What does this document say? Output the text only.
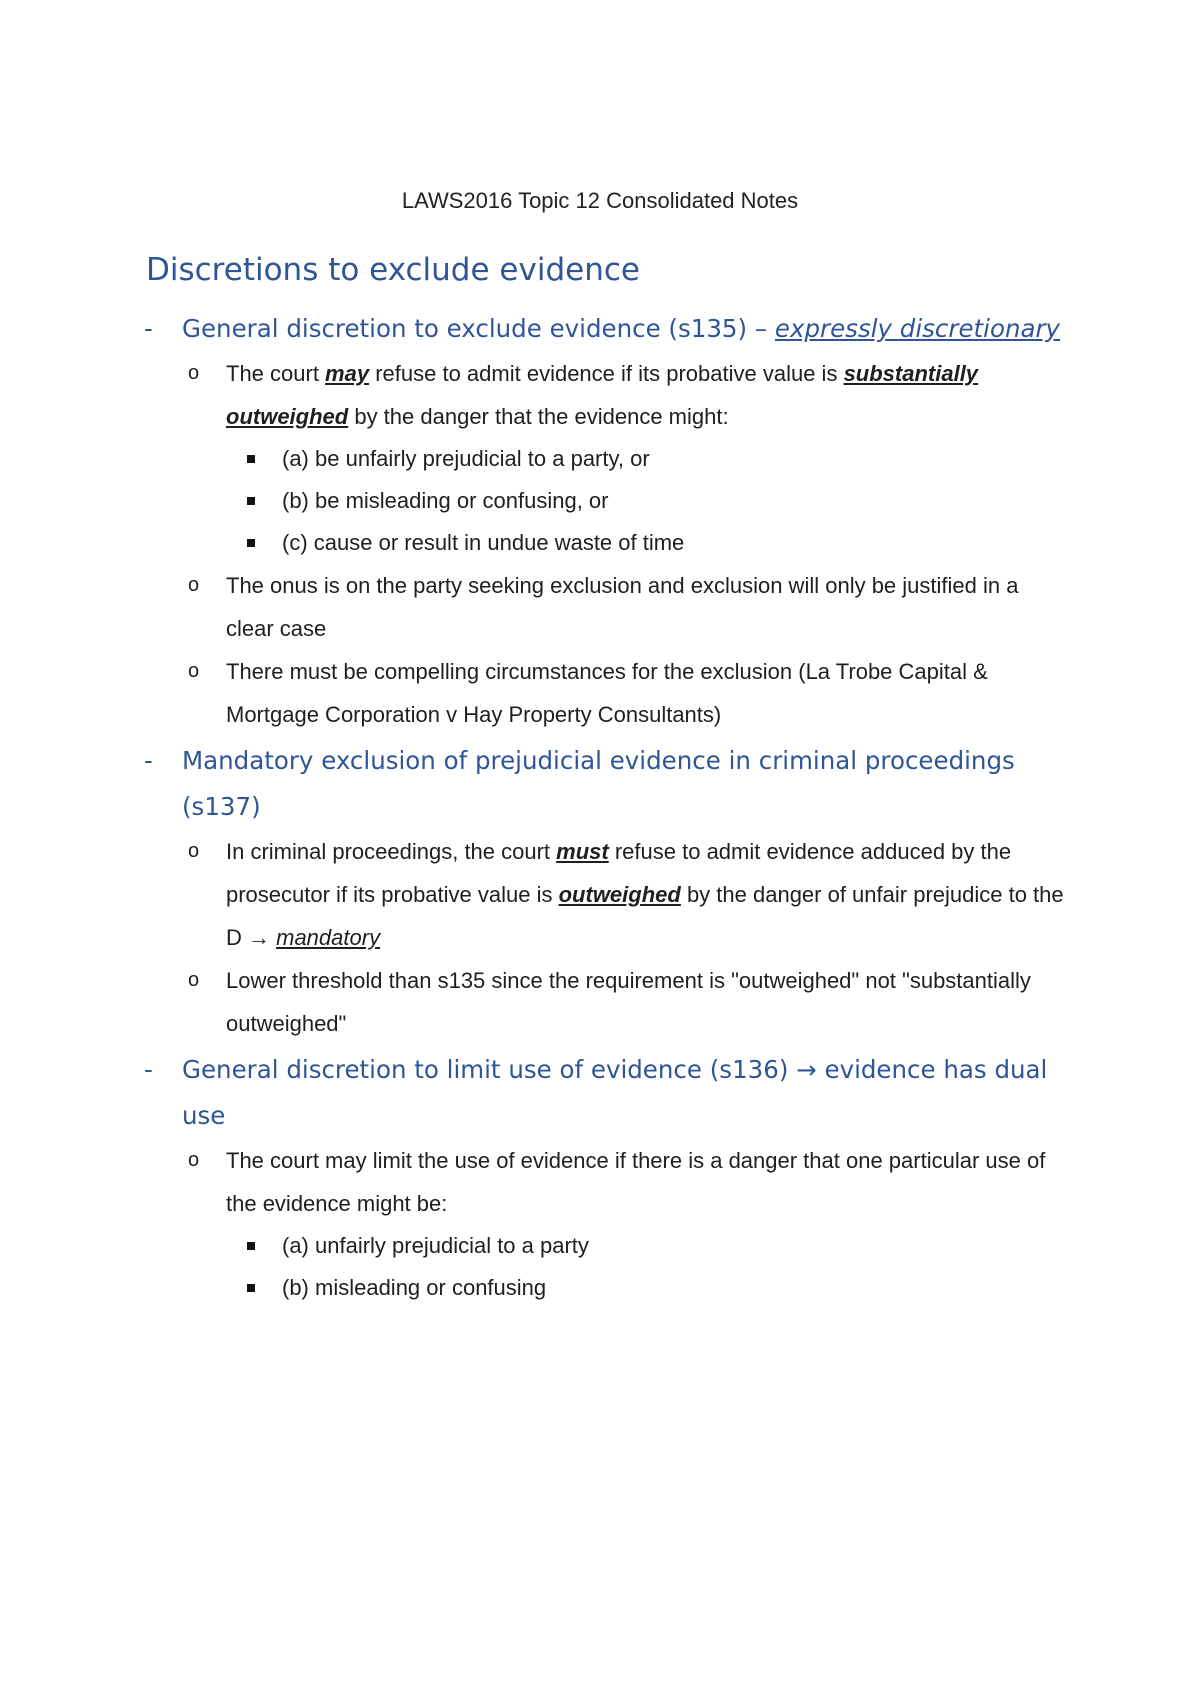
LAWS2016 Topic 12 Consolidated Notes
Discretions to exclude evidence
- General discretion to exclude evidence (s135) – expressly discretionary
o The court may refuse to admit evidence if its probative value is substantially outweighed by the danger that the evidence might:
(a) be unfairly prejudicial to a party, or
(b) be misleading or confusing, or
(c) cause or result in undue waste of time
o The onus is on the party seeking exclusion and exclusion will only be justified in a clear case
o There must be compelling circumstances for the exclusion (La Trobe Capital & Mortgage Corporation v Hay Property Consultants)
- Mandatory exclusion of prejudicial evidence in criminal proceedings (s137)
o In criminal proceedings, the court must refuse to admit evidence adduced by the prosecutor if its probative value is outweighed by the danger of unfair prejudice to the D → mandatory
o Lower threshold than s135 since the requirement is "outweighed" not "substantially outweighed"
- General discretion to limit use of evidence (s136) → evidence has dual use
o The court may limit the use of evidence if there is a danger that one particular use of the evidence might be:
(a) unfairly prejudicial to a party
(b) misleading or confusing
